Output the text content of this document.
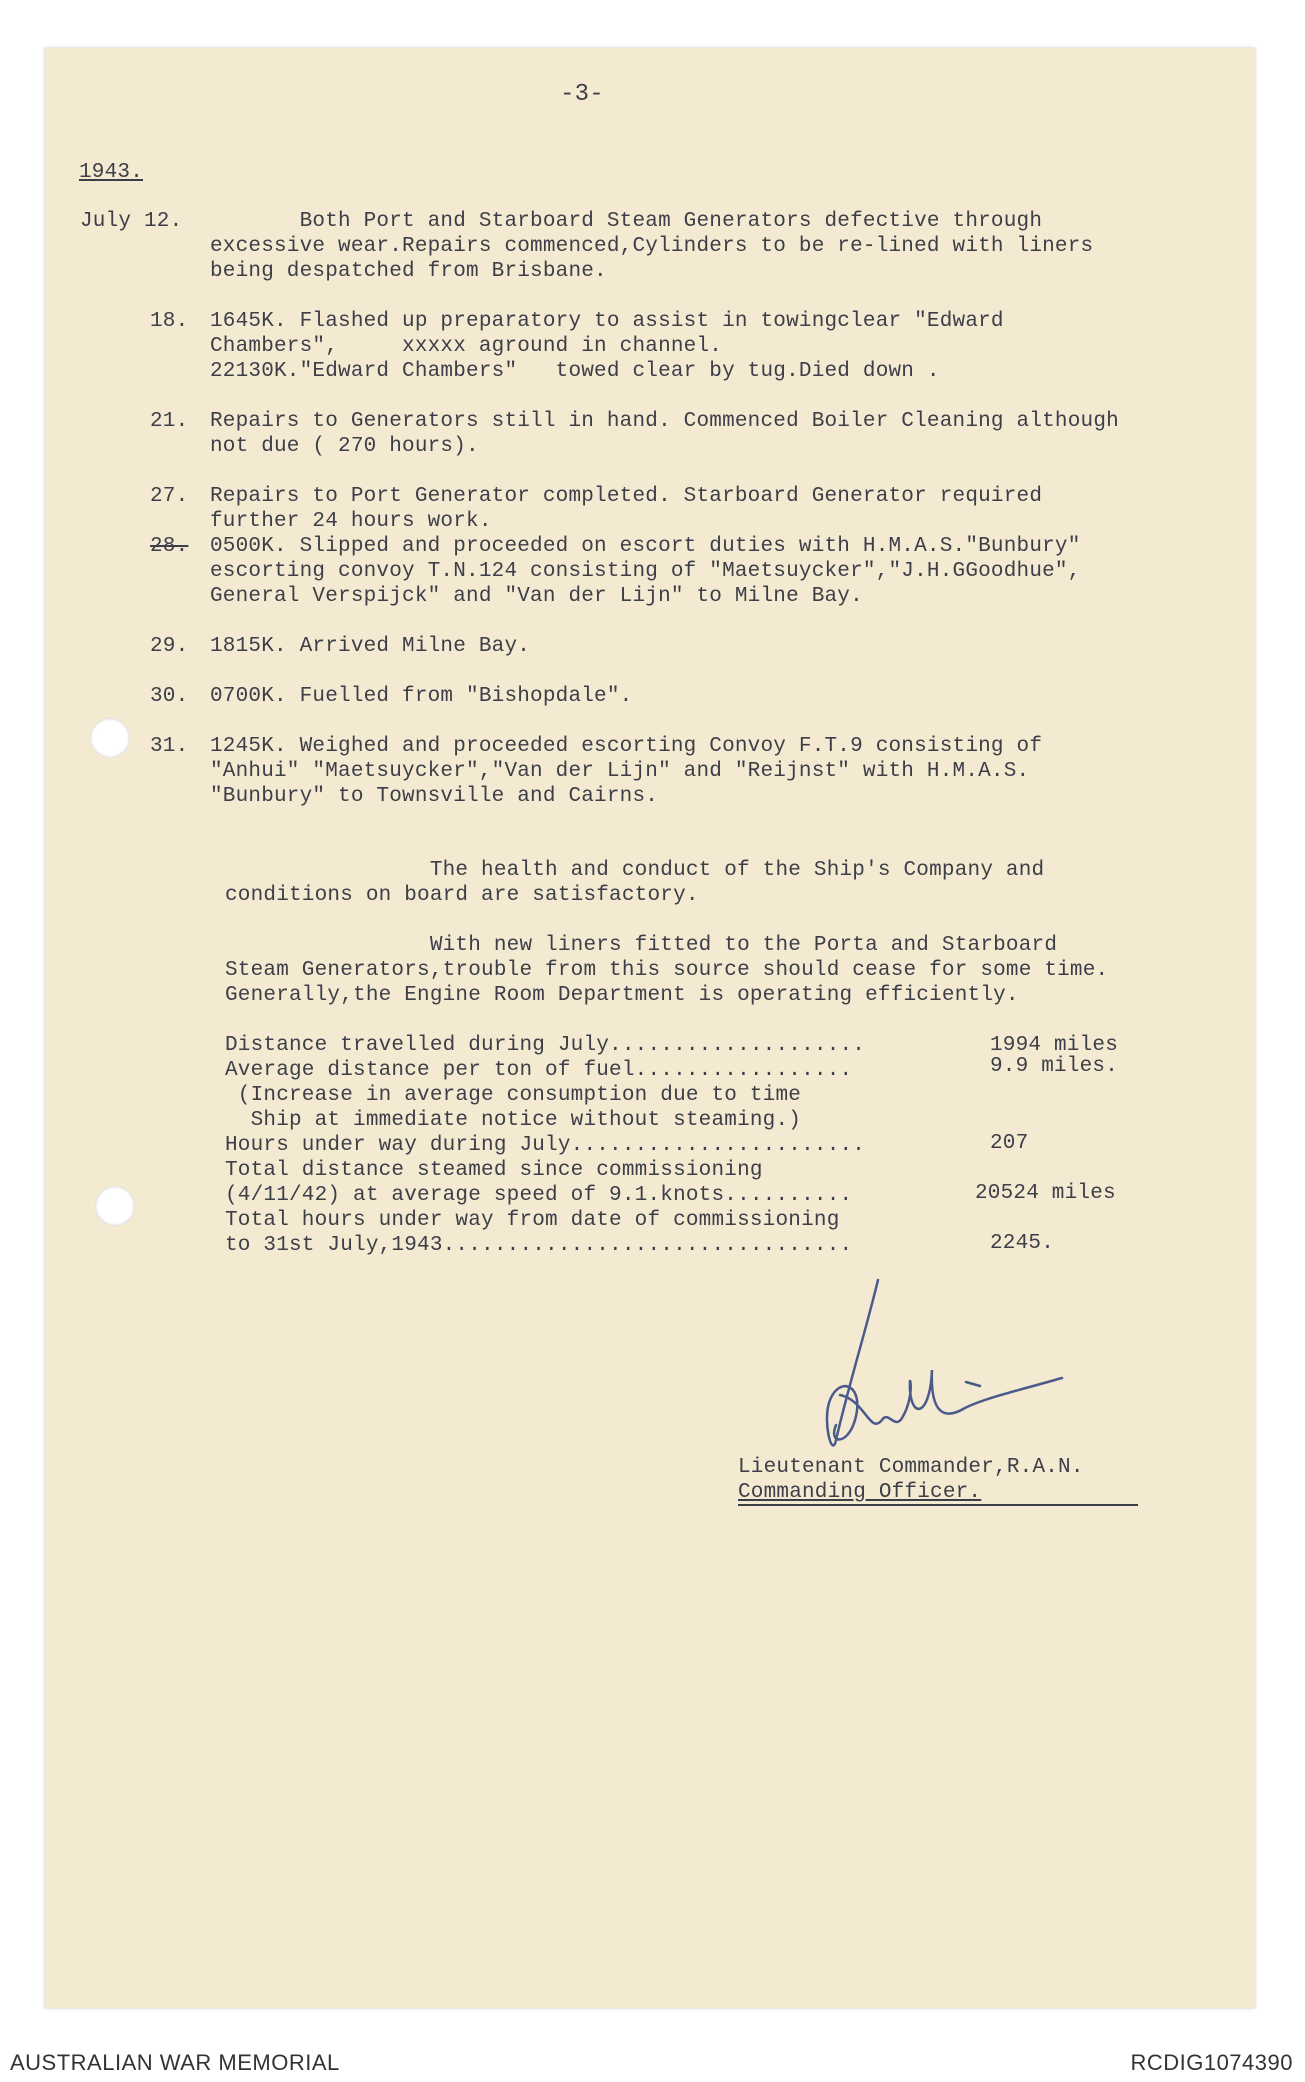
-3-

1943.

July 12. Both Port and Starboard Steam Generators defective through

excessive wear.Repairs commenced,Cylinders to be re-lined with liners

being despatched from Brisbane.

18. 1645K. Flashed up preparatory to assist in towingclear "Edward

Chambers",     xxxxx aground in channel.

22130K."Edward Chambers"   towed clear by tug.Died down .

21. Repairs to Generators still in hand. Commenced Boiler Cleaning although

not due ( 270 hours).

27. Repairs to Port Generator completed. Starboard Generator required

further 24 hours work.

28. 0500K. Slipped and proceeded on escort duties with H.M.A.S."Bunbury"

escorting convoy T.N.124 consisting of "Maetsuycker","J.H.GGoodhue",

General Verspijck" and "Van der Lijn" to Milne Bay.

29. 1815K. Arrived Milne Bay.

30. 0700K. Fuelled from "Bishopdale".

31. 1245K. Weighed and proceeded escorting Convoy F.T.9 consisting of

"Anhui" "Maetsuycker","Van der Lijn" and "Reijnst" with H.M.A.S.

"Bunbury" to Townsville and Cairns.

The health and conduct of the Ship's Company and

conditions on board are satisfactory.

With new liners fitted to the Porta and Starboard

Steam Generators,trouble from this source should cease for some time.

Generally,the Engine Room Department is operating efficiently.

Distance travelled during July....................	1994 miles

Average distance per ton of fuel.................	9.9 miles.

(Increase in average consumption due to time

Ship at immediate notice without steaming.)

Hours under way during July.......................	207

Total distance steamed since commissioning

(4/11/42) at average speed of 9.1.knots..........	20524 miles

Total hours under way from date of commissioning

to 31st July,1943................................	2245.

Lieutenant Commander,R.A.N.

Commanding Officer.

AUSTRALIAN WAR MEMORIAL	RCDIG1074390
